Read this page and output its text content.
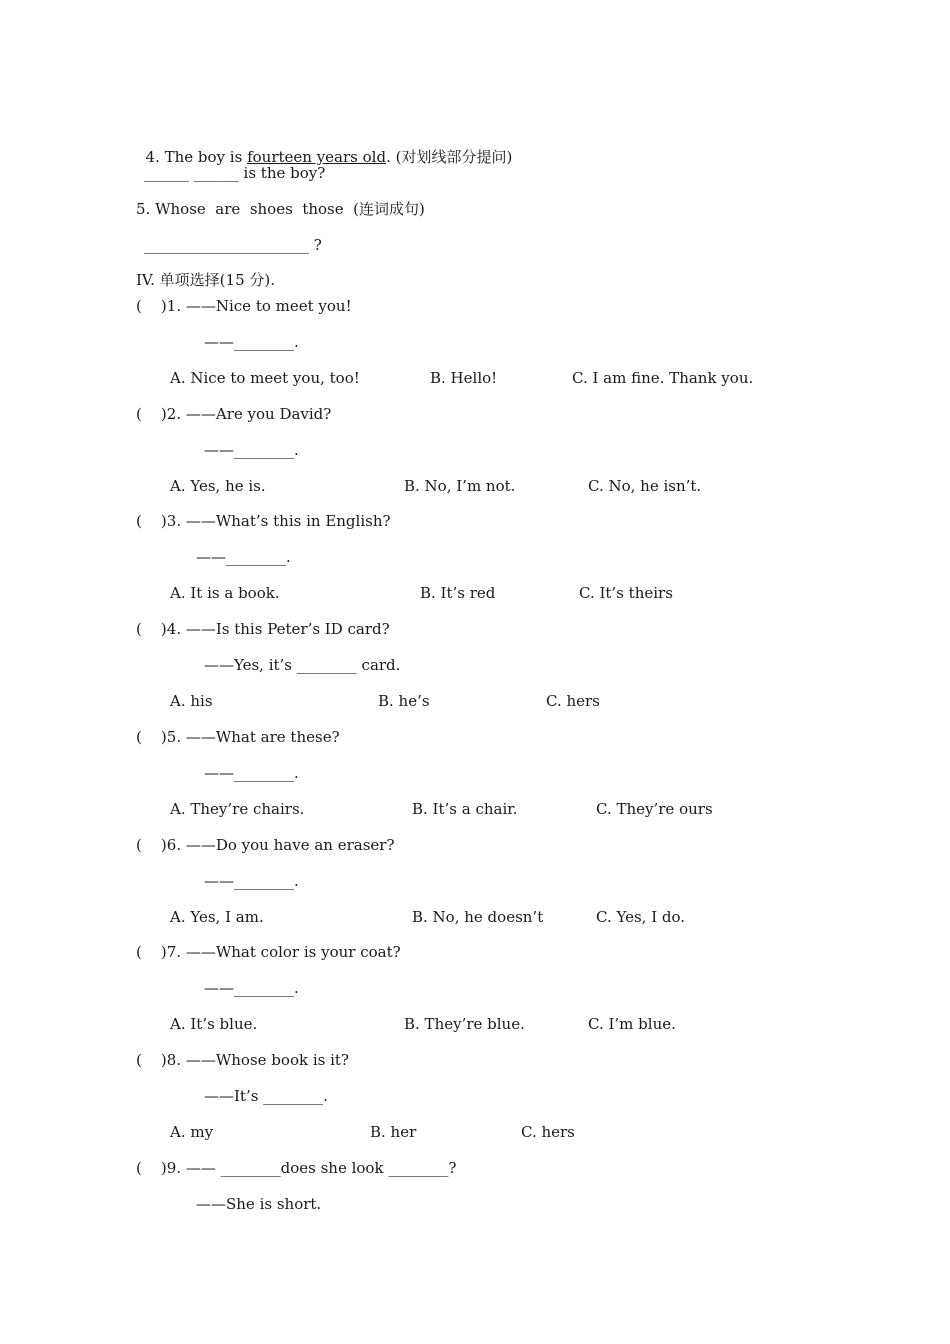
4. The boy is fourteen years old. (对划线部分提问)

______ ______ is the boy?
5. Whose  are  shoes  those  (连词成句)
______________________ ?
IV. 单项选择(15 分).
(    )1. ——Nice to meet you!
——________.
A. Nice to meet you, too!	B. Hello!	C. I am fine. Thank you.
(    )2. ——Are you David?
——________.
A. Yes, he is.	B. No, I’m not.	C. No, he isn’t.
(    )3. ——What’s this in English?
——________.
A. It is a book.	B. It’s red	C. It’s theirs
(    )4. ——Is this Peter’s ID card?
——Yes, it’s ________ card.
A. his	B. he’s	C. hers
(    )5. ——What are these?
——________.
A. They’re chairs.	B. It’s a chair.	C. They’re ours
(    )6. ——Do you have an eraser?
——________.
A. Yes, I am.	B. No, he doesn’t	C. Yes, I do.
(    )7. ——What color is your coat?
——________.
A. It’s blue.	B. They’re blue.	C. I’m blue.
(    )8. ——Whose book is it?
——It’s ________.
A. my	B. her	C. hers
(    )9. —— ________does she look ________?
——She is short.
